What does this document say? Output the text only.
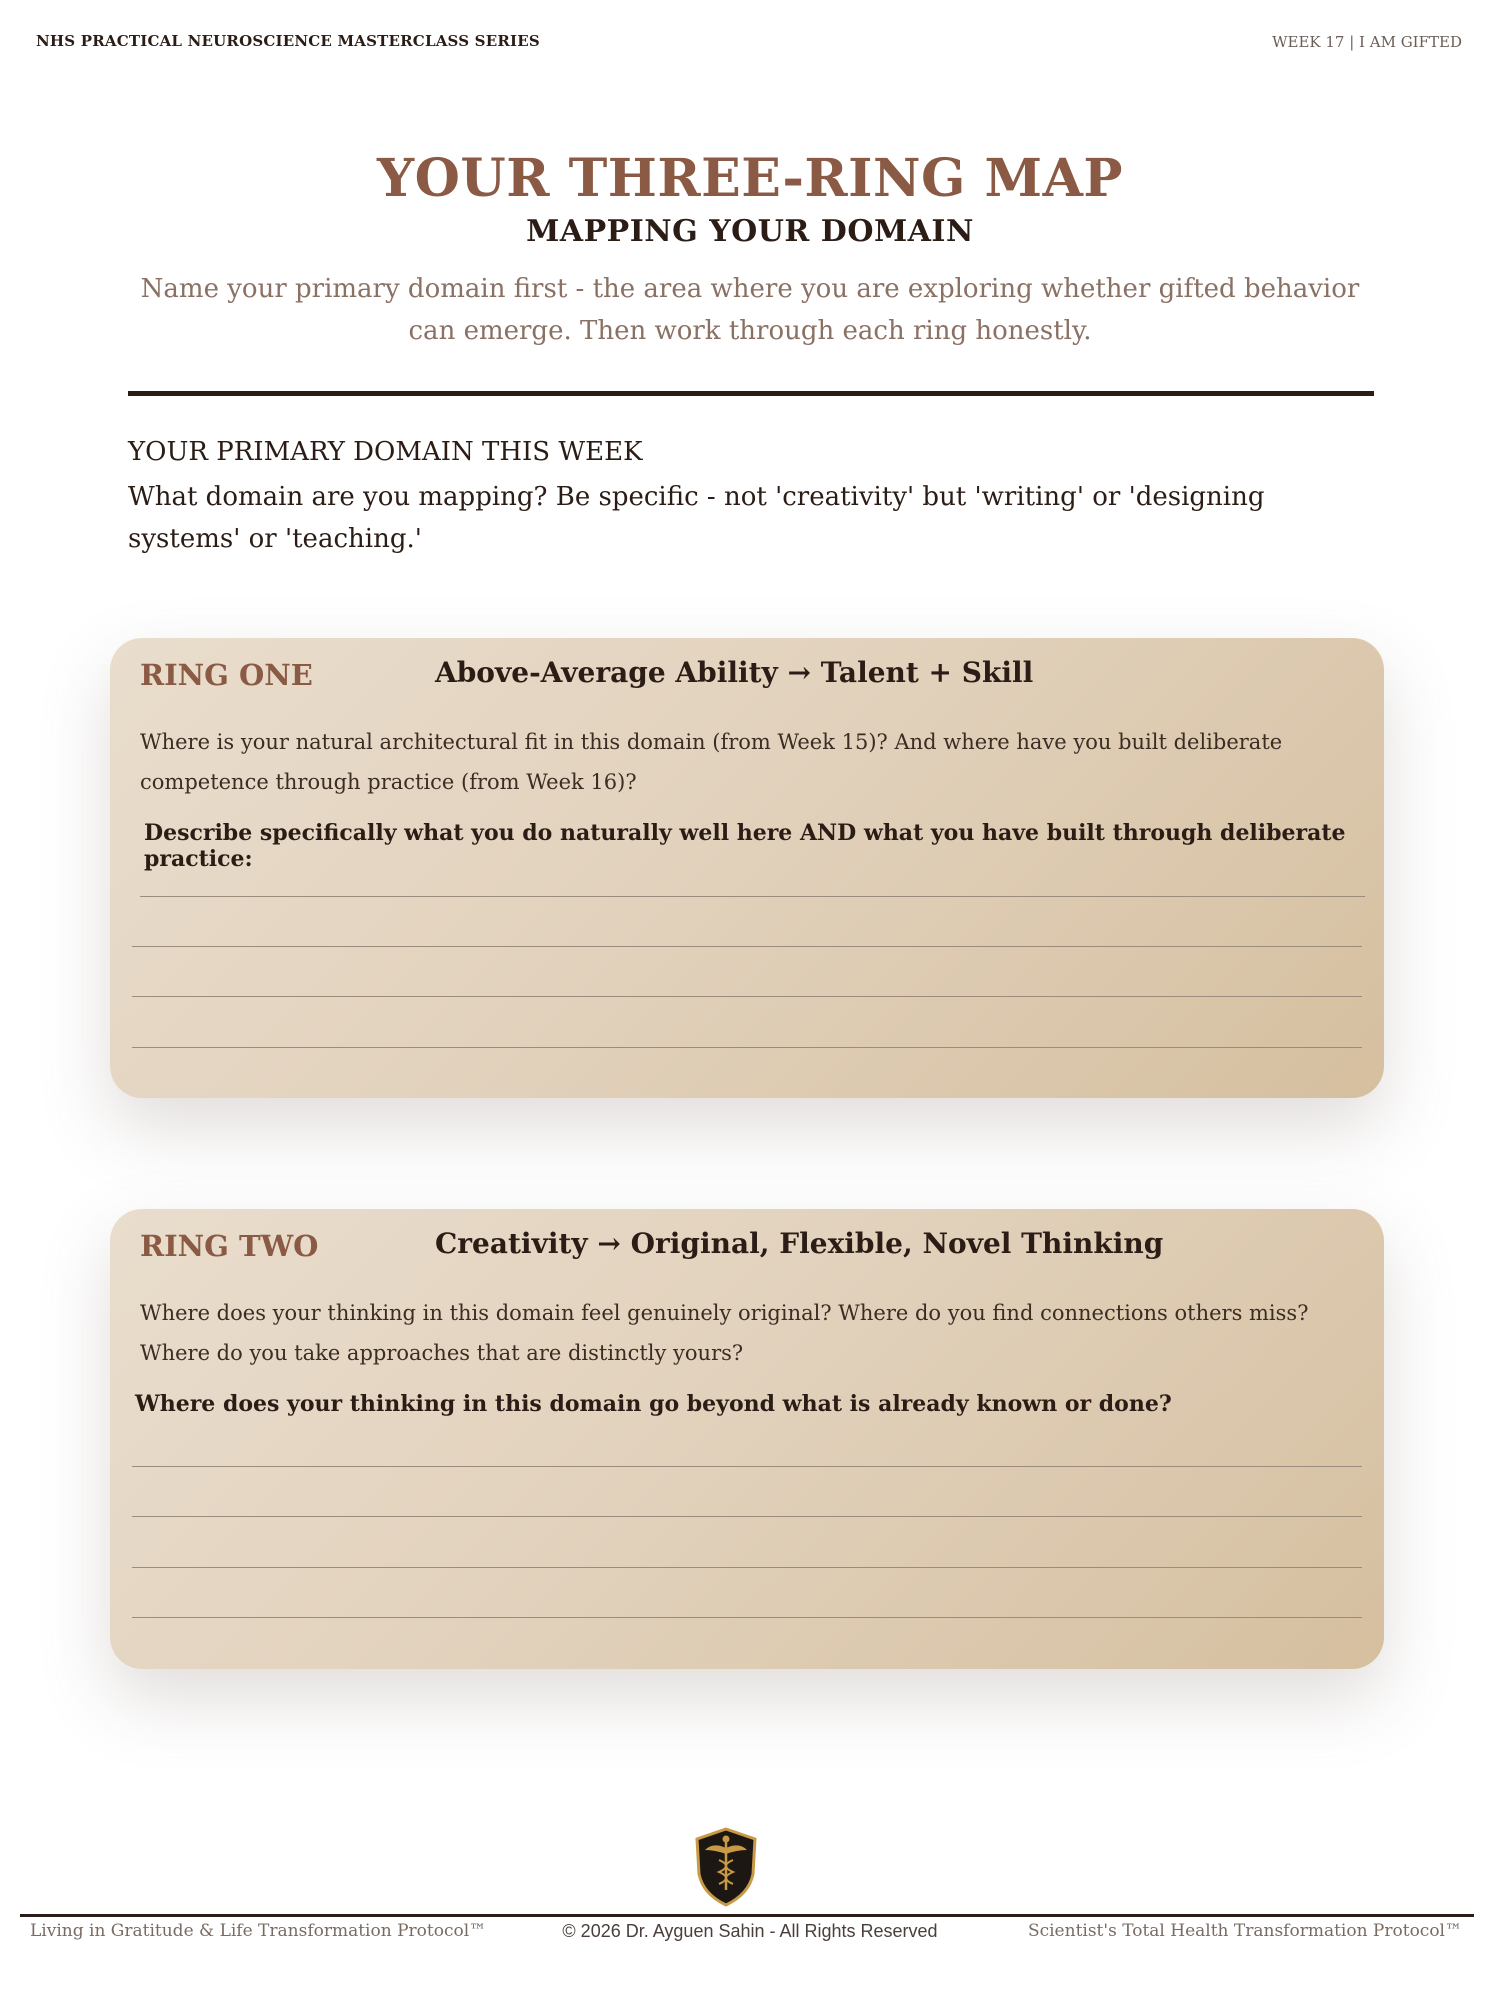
NHS PRACTICAL NEUROSCIENCE MASTERCLASS SERIES	WEEK 17 | I AM GIFTED
YOUR THREE-RING MAP
MAPPING YOUR DOMAIN

Name your primary domain first - the area where you are exploring whether gifted behavior can emerge. Then work through each ring honestly.

YOUR PRIMARY DOMAIN THIS WEEK

What domain are you mapping? Be specific - not 'creativity' but 'writing' or 'designing systems' or 'teaching.'

RING ONE	Above-Average Ability → Talent + Skill

Where is your natural architectural fit in this domain (from Week 15)? And where have you built deliberate competence through practice (from Week 16)?

Describe specifically what you do naturally well here AND what you have built through deliberate practice:

RING TWO	Creativity → Original, Flexible, Novel Thinking

Where does your thinking in this domain feel genuinely original? Where do you find connections others miss? Where do you take approaches that are distinctly yours?

Where does your thinking in this domain go beyond what is already known or done?

Living in Gratitude & Life Transformation Protocol™	© 2026 Dr. Ayguen Sahin - All Rights Reserved	Scientist's Total Health Transformation Protocol™
